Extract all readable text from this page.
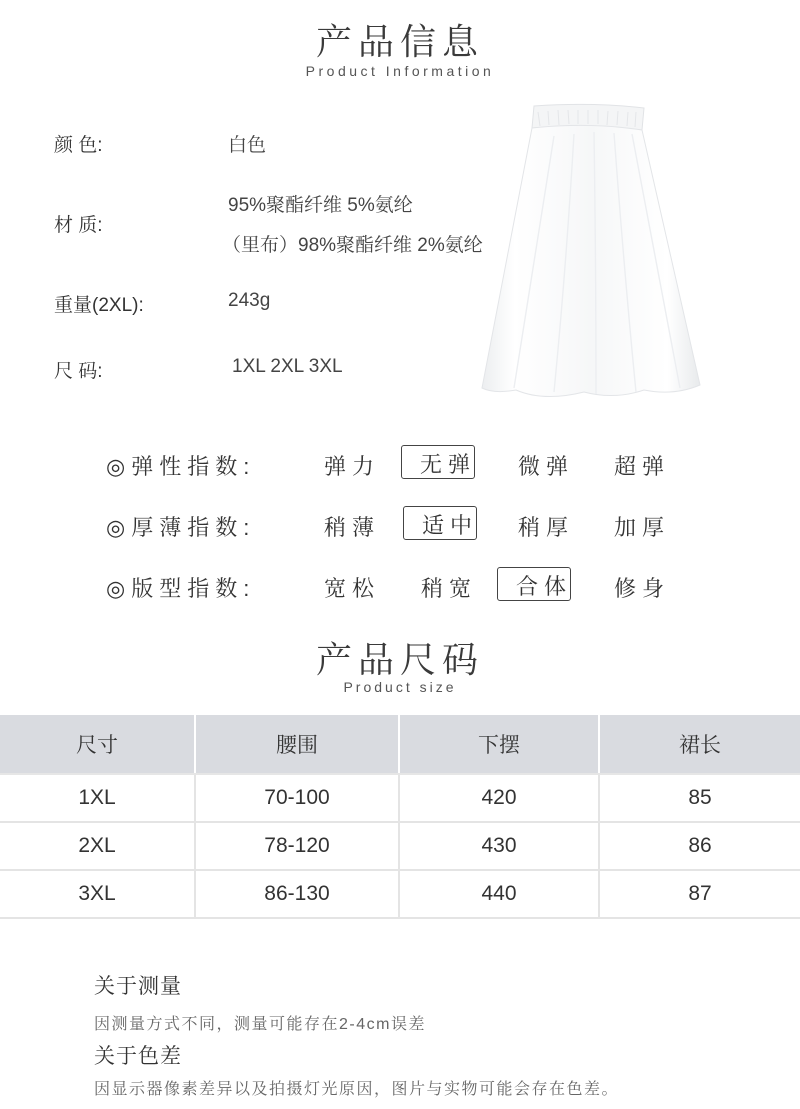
产品信息
Product Information
颜 色:	白色
材 质:
95%聚酯纤维 5%氨纶
（里布）98%聚酯纤维 2%氨纶
重量(2XL):	243g
尺 码:	1XL 2XL 3XL
◎弹性指数:	弹力	无弹 微弹 超弹
◎厚薄指数:	稍薄	适中 稍厚 加厚
◎版型指数:	宽松 稍宽	合体 修身
产品尺码
Product size
尺寸	腰围	下摆	裙长
1XL	70-100	420	85
2XL	78-120	430	86
3XL	86-130	440	87
关于测量
因测量方式不同，测量可能存在2-4cm误差
关于色差
因显示器像素差异以及拍摄灯光原因，图片与实物可能会存在色差。
